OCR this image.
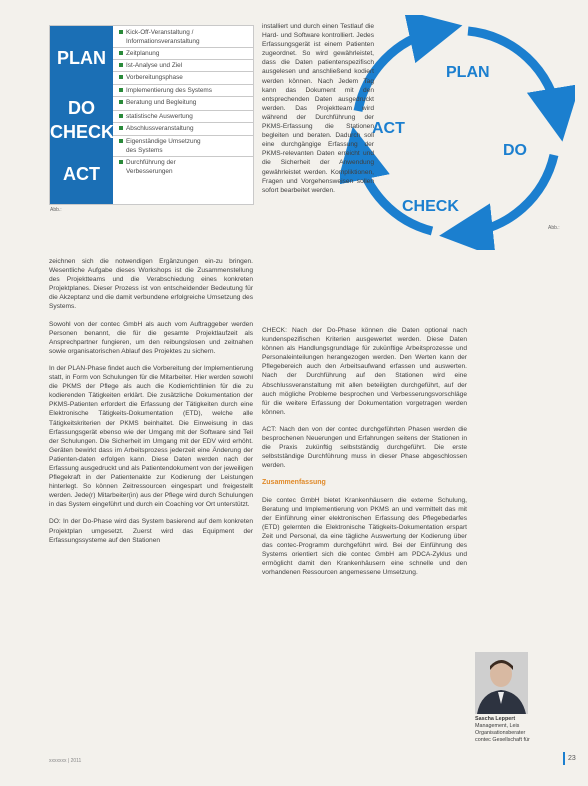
PLAN
DO
CHECK
ACT
Kick-Off-Veranstaltung /
Informationsveranstaltung
Zeitplanung
Ist-Analyse und Ziel
Vorbereitungsphase
Implementierung des Systems
Beratung und Begleitung
statistische Auswertung
Abschlussveranstaltung
Eigenständige Umsetzung
des Systems
Durchführung der
Verbesserungen
Abb.:
PLAN
DO
CHECK
ACT
Abb.:
installiert und durch einen Testlauf die Hard- und Software kontrolliert. Jedes Erfassungsgerät ist einem Patienten zugeordnet. So wird gewährleistet, dass die Daten patientenspezifisch ausgelesen und anschließend kodiert werden können. Nach Jedem Tag kann das Dokument mit den entsprechenden Daten ausgedruckt werden. Das Projektteam wird während der Durchführung der PKMS-Erfassung die Stationen begleiten und beraten. Dadurch soll eine durchgängige Erfassung der PKMS-relevanten Daten erreicht und die Sicherheit der Anwendung gewährleistet werden. Kompliktionen, Fragen und Vorgehensweisen sollen sofort bearbeitet werden.

zeichnen sich die notwendigen Ergänzungen ein-zu bringen. Wesentliche Aufgabe dieses Workshops ist die Zusammenstellung des Projektteams und die Verabschiedung eines konkreten Projektplanes. Dieser Prozess ist von entscheidender Bedeutung für die Akzeptanz und die damit verbundene erfolgreiche Umsetzung des Systems.

Sowohl von der contec GmbH als auch vom Auftraggeber werden Personen benannt, die für die gesamte Projektlaufzeit als Ansprechpartner fungieren, um den reibungslosen und zeitnahen sowie organisatorischen Ablauf des Projektes zu sichern.

In der PLAN-Phase findet auch die Vorbereitung der Implementierung statt, in Form von Schulungen für die Mitarbeiter. Hier werden sowohl die PKMS der Pflege als auch die Kodierrichtlinien für die zu kodierenden Tätigkeiten erklärt. Die zusätzliche Dokumentation der PKMS-Patienten erfordert die Erfassung der Tätigkeiten durch eine Elektronische Tätigkeits-Dokumentation (ETD), welche alle Tätigkeitskriterien der PKMS beinhaltet. Die Einweisung in das Erfassungsgerät ebenso wie der Umgang mit der Software sind Teil der Schulungen. Die Sicherheit im Umgang mit der EDV wird erhöht. Geräten bewirkt dass im Arbeitsprozess jederzeit eine Änderung der Patienten-daten erfolgen kann. Diese Daten werden nach der Erfassung ausgedruckt und als Patientendokument von der jeweiligen Pflegekraft in der Patientenakte zur Kodierung der Leistungen hinterlegt. So können Zeitressourcen eingespart und freigestellt werden. Jede(r) Mitarbeiter(in) aus der Pflege wird durch Schulungen in das System eingeführt und durch ein Coaching vor Ort unterstützt.

DO: In der Do-Phase wird das System basierend auf dem konkreten Projektplan umgesetzt. Zuerst wird das Equipment der Erfassungssysteme auf den Stationen

CHECK: Nach der Do-Phase können die Daten optional nach kundenspezifischen Kriterien ausgewertet werden. Diese Daten können als Handlungsgrundlage für zukünftige Arbeitsprozesse und Personaleinteilungen herangezogen werden. Den Werten kann der Pflegebereich auch den Arbeitsaufwand erfassen und auswerten. Nach der Durchführung auf den Stationen wird eine Abschlussveranstaltung mit allen beteiligten durchgeführt, auf der auch mögliche Probleme besprochen und Verbesserungsvorschläge für die weitere Erfassung der Dokumentation vorgetragen werden können.

ACT: Nach den von der contec durchgeführten Phasen werden die besprochenen Neuerungen und Erfahrungen seitens der Stationen in die Praxis zukünftig selbstständig durchgeführt. Die erste selbstständige Durchführung muss in dieser Phase abgeschlossen werden.

Zusammenfassung

Die contec GmbH bietet Krankenhäusern die externe Schulung, Beratung und Implementierung von PKMS an und vermittelt das mit der Einführung einer elektronischen Erfassung des Pflegebedarfes (ETD) gelernten die Elektronische Tätigkeits-Dokumentation erspart Zeit und Personal, da eine tägliche Auswertung der Kodierung über das contec-Programm durchgeführt wird. Bei der Einführung des Systems orientiert sich die contec GmbH am PDCA-Zyklus und ermöglicht damit den Krankenhäusern eine schnelle und den vorhandenen Ressourcen angemessene Umsetzung.

Sascha Leppert
Management, Leis
Organisationsberater
contec Gesellschaft für
xxxxxxx | 2011	23
